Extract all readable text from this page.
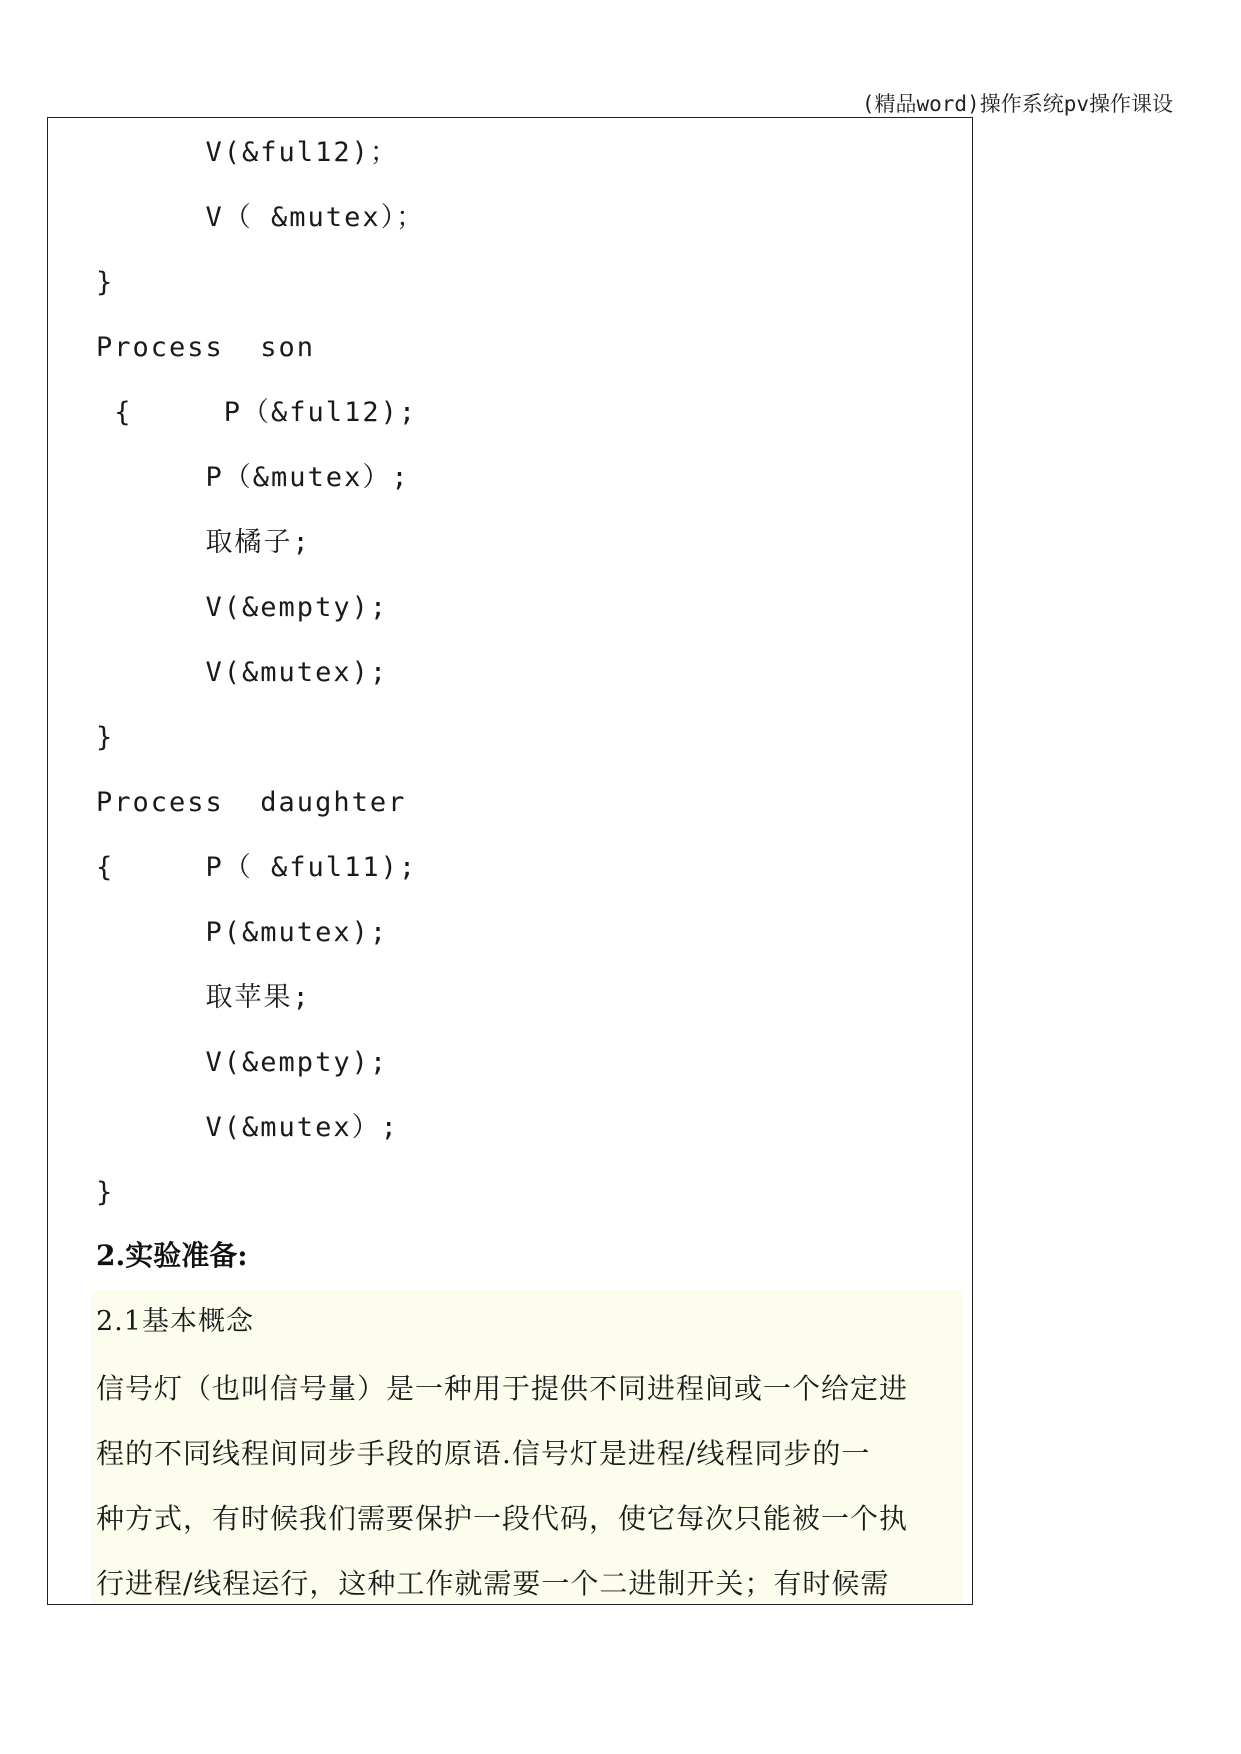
(精品word)操作系统pv操作课设
V(&ful12)；
V（ &mutex）；
}
Process  son
{     P（&ful12);
P（&mutex）;
取橘子;
V(&empty);
V(&mutex);
}
Process  daughter
{     P（ &ful11);
P(&mutex);
取苹果;
V(&empty);
V(&mutex）;
}
2.实验准备:
2.1基本概念
信号灯（也叫信号量）是一种用于提供不同进程间或一个给定进
程的不同线程间同步手段的原语.信号灯是进程/线程同步的一
种方式，有时候我们需要保护一段代码，使它每次只能被一个执
行进程/线程运行，这种工作就需要一个二进制开关；有时候需
